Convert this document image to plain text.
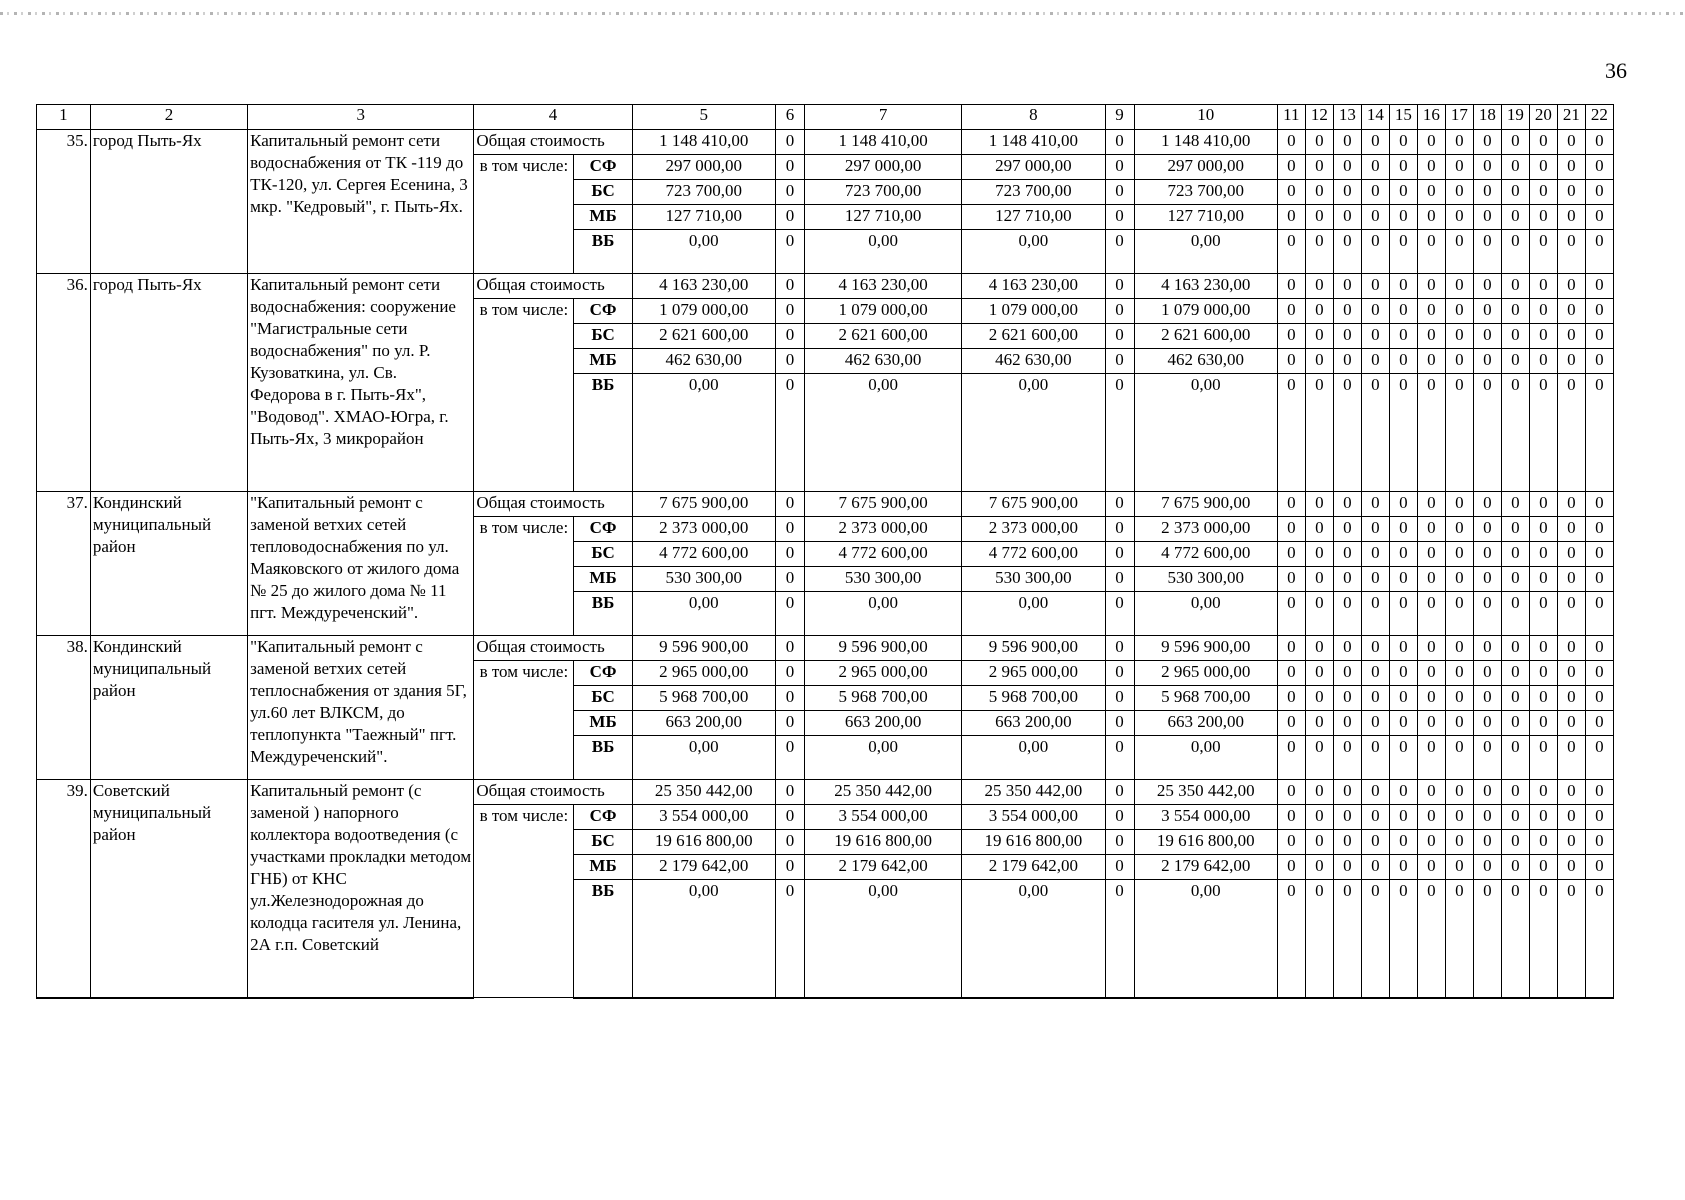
36
1	2	3	4		5	6	7	8	9	10	11	12	13	14	15	16	17	18	19	20	21	22
35.	город Пыть-Ях	Капитальный ремонт сети водоснабжения от ТК -119 до ТК-120, ул. Сергея Есенина, 3 мкр. "Кедровый", г. Пыть-Ях.	Общая стоимость		1 148 410,00	0	1 148 410,00	1 148 410,00	0	1 148 410,00	0	0	0	0	0	0	0	0	0	0	0	0
			в том числе:	СФ	297 000,00	0	297 000,00	297 000,00	0	297 000,00	0	0	0	0	0	0	0	0	0	0	0	0
				БС	723 700,00	0	723 700,00	723 700,00	0	723 700,00	0	0	0	0	0	0	0	0	0	0	0	0
				МБ	127 710,00	0	127 710,00	127 710,00	0	127 710,00	0	0	0	0	0	0	0	0	0	0	0	0
				ВБ	0,00	0	0,00	0,00	0	0,00	0	0	0	0	0	0	0	0	0	0	0	0
36.	город Пыть-Ях	Капитальный ремонт сети водоснабжения: сооружение "Магистральные сети водоснабжения" по ул. Р. Кузоваткина, ул. Св. Федорова в г. Пыть-Ях", "Водовод". ХМАО-Югра, г. Пыть-Ях, 3 микрорайон	Общая стоимость		4 163 230,00	0	4 163 230,00	4 163 230,00	0	4 163 230,00	0	0	0	0	0	0	0	0	0	0	0	0
			в том числе:	СФ	1 079 000,00	0	1 079 000,00	1 079 000,00	0	1 079 000,00	0	0	0	0	0	0	0	0	0	0	0	0
				БС	2 621 600,00	0	2 621 600,00	2 621 600,00	0	2 621 600,00	0	0	0	0	0	0	0	0	0	0	0	0
				МБ	462 630,00	0	462 630,00	462 630,00	0	462 630,00	0	0	0	0	0	0	0	0	0	0	0	0
				ВБ	0,00	0	0,00	0,00	0	0,00	0	0	0	0	0	0	0	0	0	0	0	0
37.	Кондинский муниципальный район	"Капитальный ремонт с заменой ветхих сетей тепловодоснабжения по ул. Маяковского от жилого дома № 25 до жилого дома № 11 пгт. Междуреченский".	Общая стоимость		7 675 900,00	0	7 675 900,00	7 675 900,00	0	7 675 900,00	0	0	0	0	0	0	0	0	0	0	0	0
			в том числе:	СФ	2 373 000,00	0	2 373 000,00	2 373 000,00	0	2 373 000,00	0	0	0	0	0	0	0	0	0	0	0	0
				БС	4 772 600,00	0	4 772 600,00	4 772 600,00	0	4 772 600,00	0	0	0	0	0	0	0	0	0	0	0	0
				МБ	530 300,00	0	530 300,00	530 300,00	0	530 300,00	0	0	0	0	0	0	0	0	0	0	0	0
				ВБ	0,00	0	0,00	0,00	0	0,00	0	0	0	0	0	0	0	0	0	0	0	0
38.	Кондинский муниципальный район	"Капитальный ремонт с заменой ветхих сетей теплоснабжения от здания 5Г, ул.60 лет ВЛКСМ, до теплопункта "Таежный" пгт. Междуреченский".	Общая стоимость		9 596 900,00	0	9 596 900,00	9 596 900,00	0	9 596 900,00	0	0	0	0	0	0	0	0	0	0	0	0
			в том числе:	СФ	2 965 000,00	0	2 965 000,00	2 965 000,00	0	2 965 000,00	0	0	0	0	0	0	0	0	0	0	0	0
				БС	5 968 700,00	0	5 968 700,00	5 968 700,00	0	5 968 700,00	0	0	0	0	0	0	0	0	0	0	0	0
				МБ	663 200,00	0	663 200,00	663 200,00	0	663 200,00	0	0	0	0	0	0	0	0	0	0	0	0
				ВБ	0,00	0	0,00	0,00	0	0,00	0	0	0	0	0	0	0	0	0	0	0	0
39.	Советский муниципальный район	Капитальный ремонт (с заменой ) напорного коллектора водоотведения (с участками прокладки методом ГНБ) от КНС ул.Железнодорожная до колодца гасителя ул. Ленина, 2А г.п. Советский	Общая стоимость		25 350 442,00	0	25 350 442,00	25 350 442,00	0	25 350 442,00	0	0	0	0	0	0	0	0	0	0	0	0
			в том числе:	СФ	3 554 000,00	0	3 554 000,00	3 554 000,00	0	3 554 000,00	0	0	0	0	0	0	0	0	0	0	0	0
				БС	19 616 800,00	0	19 616 800,00	19 616 800,00	0	19 616 800,00	0	0	0	0	0	0	0	0	0	0	0	0
				МБ	2 179 642,00	0	2 179 642,00	2 179 642,00	0	2 179 642,00	0	0	0	0	0	0	0	0	0	0	0	0
				ВБ	0,00	0	0,00	0,00	0	0,00	0	0	0	0	0	0	0	0	0	0	0	0
